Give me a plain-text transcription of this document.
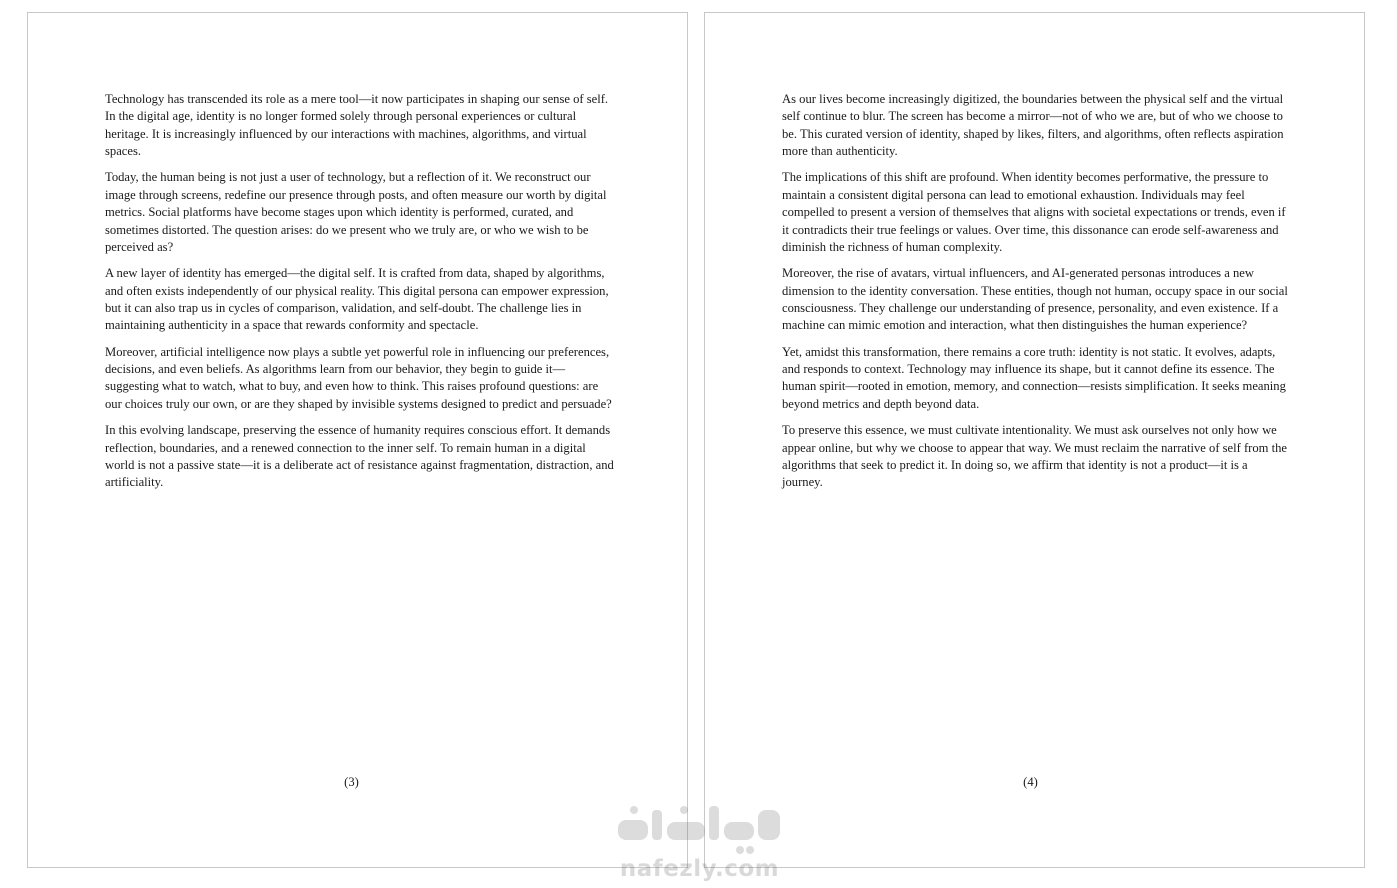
Technology has transcended its role as a mere tool—it now participates in shaping our sense of self. In the digital age, identity is no longer formed solely through personal experiences or cultural heritage. It is increasingly influenced by our interactions with machines, algorithms, and virtual spaces.

Today, the human being is not just a user of technology, but a reflection of it. We reconstruct our image through screens, redefine our presence through posts, and often measure our worth by digital metrics. Social platforms have become stages upon which identity is performed, curated, and sometimes distorted. The question arises: do we present who we truly are, or who we wish to be perceived as?

A new layer of identity has emerged—the digital self. It is crafted from data, shaped by algorithms, and often exists independently of our physical reality. This digital persona can empower expression, but it can also trap us in cycles of comparison, validation, and self-doubt. The challenge lies in maintaining authenticity in a space that rewards conformity and spectacle.

Moreover, artificial intelligence now plays a subtle yet powerful role in influencing our preferences, decisions, and even beliefs. As algorithms learn from our behavior, they begin to guide it—suggesting what to watch, what to buy, and even how to think. This raises profound questions: are our choices truly our own, or are they shaped by invisible systems designed to predict and persuade?

In this evolving landscape, preserving the essence of humanity requires conscious effort. It demands reflection, boundaries, and a renewed connection to the inner self. To remain human in a digital world is not a passive state—it is a deliberate act of resistance against fragmentation, distraction, and artificiality.

(3)

As our lives become increasingly digitized, the boundaries between the physical self and the virtual self continue to blur. The screen has become a mirror—not of who we are, but of who we choose to be. This curated version of identity, shaped by likes, filters, and algorithms, often reflects aspiration more than authenticity.

The implications of this shift are profound. When identity becomes performative, the pressure to maintain a consistent digital persona can lead to emotional exhaustion. Individuals may feel compelled to present a version of themselves that aligns with societal expectations or trends, even if it contradicts their true feelings or values. Over time, this dissonance can erode self-awareness and diminish the richness of human complexity.

Moreover, the rise of avatars, virtual influencers, and AI-generated personas introduces a new dimension to the identity conversation. These entities, though not human, occupy space in our social consciousness. They challenge our understanding of presence, personality, and even existence. If a machine can mimic emotion and interaction, what then distinguishes the human experience?

Yet, amidst this transformation, there remains a core truth: identity is not static. It evolves, adapts, and responds to context. Technology may influence its shape, but it cannot define its essence. The human spirit—rooted in emotion, memory, and connection—resists simplification. It seeks meaning beyond metrics and depth beyond data.

To preserve this essence, we must cultivate intentionality. We must ask ourselves not only how we appear online, but why we choose to appear that way. We must reclaim the narrative of self from the algorithms that seek to predict it. In doing so, we affirm that identity is not a product—it is a journey.

(4)
nafezly.com
